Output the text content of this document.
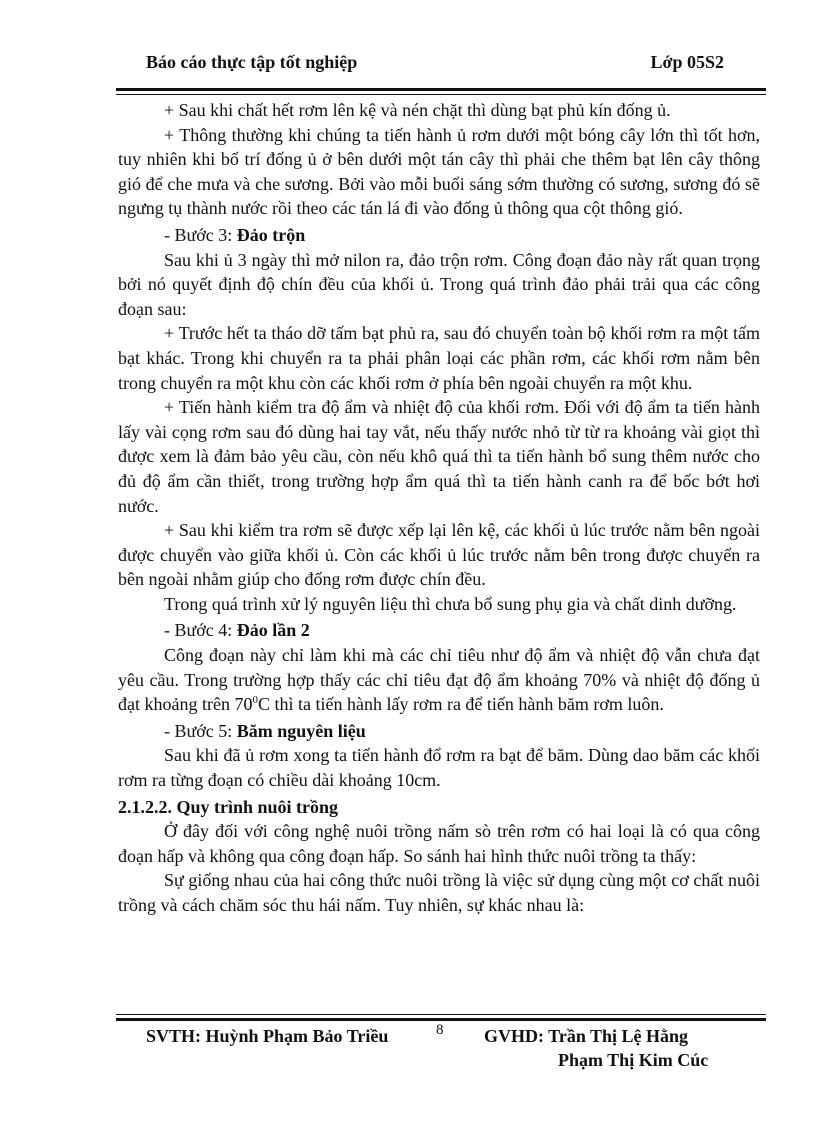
Báo cáo thực tập tốt nghiệp	Lớp 05S2

+ Sau khi chất hết rơm lên kệ và nén chặt thì dùng bạt phủ kín đống ủ.

+ Thông thường khi chúng ta tiến hành ủ rơm dưới một bóng cây lớn thì tốt hơn, tuy nhiên khi bố trí đống ủ ở bên dưới một tán cây thì phải che thêm bạt lên cây thông gió để che mưa và che sương. Bởi vào mỗi buổi sáng sớm thường có sương, sương đó sẽ ngưng tụ thành nước rồi theo các tán lá đi vào đống ủ thông qua cột thông gió.

- Bước 3: Đảo trộn

Sau khi ủ 3 ngày thì mở nilon ra, đảo trộn rơm. Công đoạn đảo này rất quan trọng bởi nó quyết định độ chín đều của khối ủ. Trong quá trình đảo phải trải qua các công đoạn sau:

+ Trước hết ta tháo dỡ tấm bạt phủ ra, sau đó chuyển toàn bộ khối rơm ra một tấm bạt khác. Trong khi chuyển ra ta phải phân loại các phần rơm, các khối rơm nằm bên trong chuyển ra một khu còn các khối rơm ở phía bên ngoài chuyển ra một khu.

+ Tiến hành kiểm tra độ ẩm và nhiệt độ của khối rơm. Đối với độ ẩm ta tiến hành lấy vài cọng rơm sau đó dùng hai tay vắt, nếu thấy nước nhỏ từ từ ra khoảng vài giọt thì được xem là đảm bảo yêu cầu, còn nếu khô quá thì ta tiến hành bổ sung thêm nước cho đủ độ ẩm cần thiết, trong trường hợp ẩm quá thì ta tiến hành canh ra để bốc bớt hơi nước.

+ Sau khi kiểm tra rơm sẽ được xếp lại lên kệ, các khối ủ lúc trước nằm bên ngoài được chuyển vào giữa khối ủ. Còn các khối ủ lúc trước nằm bên trong được chuyển ra bên ngoài nhằm giúp cho đống rơm được chín đều.

Trong quá trình xử lý nguyên liệu thì chưa bổ sung phụ gia và chất dinh dưỡng.

- Bước 4: Đảo lần 2

Công đoạn này chỉ làm khi mà các chỉ tiêu như độ ẩm và nhiệt độ vẫn chưa đạt yêu cầu. Trong trường hợp thấy các chỉ tiêu đạt độ ẩm khoảng 70% và nhiệt độ đống ủ đạt khoảng trên $70^0C$ thì ta tiến hành lấy rơm ra để tiến hành băm rơm luôn.

- Bước 5: Băm nguyên liệu

Sau khi đã ủ rơm xong ta tiến hành đổ rơm ra bạt để băm. Dùng dao băm các khối rơm ra từng đoạn có chiều dài khoảng 10cm.

2.1.2.2. Quy trình nuôi trồng

Ở đây đối với công nghệ nuôi trồng nấm sò trên rơm có hai loại là có qua công đoạn hấp và không qua công đoạn hấp. So sánh hai hình thức nuôi trồng ta thấy:

Sự giống nhau của hai công thức nuôi trồng là việc sử dụng cùng một cơ chất nuôi trồng và cách chăm sóc thu hái nấm. Tuy nhiên, sự khác nhau là:

SVTH: Huỳnh Phạm Bảo Triều	8 GVHD: Trần Thị Lệ Hằng
Phạm Thị Kim Cúc
